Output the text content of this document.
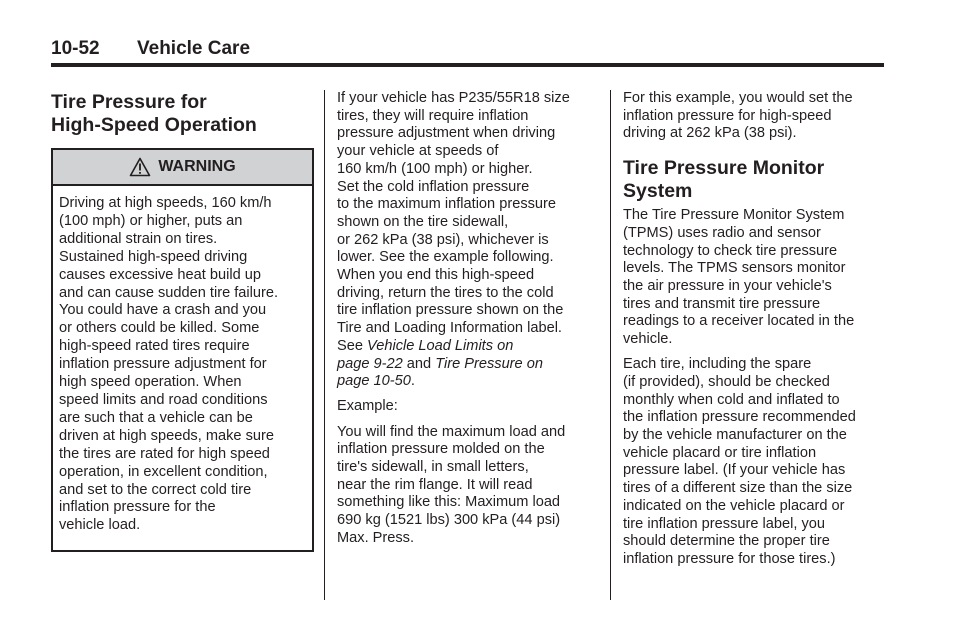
10-52 Vehicle Care
Tire Pressure for
High-Speed Operation
WARNING
Driving at high speeds, 160 km/h
(100 mph) or higher, puts an
additional strain on tires.
Sustained high-speed driving
causes excessive heat build up
and can cause sudden tire failure.
You could have a crash and you
or others could be killed. Some
high-speed rated tires require
inflation pressure adjustment for
high speed operation. When
speed limits and road conditions
are such that a vehicle can be
driven at high speeds, make sure
the tires are rated for high speed
operation, in excellent condition,
and set to the correct cold tire
inflation pressure for the
vehicle load.

If your vehicle has P235/55R18 size
tires, they will require inflation
pressure adjustment when driving
your vehicle at speeds of
160 km/h (100 mph) or higher.
Set the cold inflation pressure
to the maximum inflation pressure
shown on the tire sidewall,
or 262 kPa (38 psi), whichever is
lower. See the example following.
When you end this high-speed
driving, return the tires to the cold
tire inflation pressure shown on the
Tire and Loading Information label.
See Vehicle Load Limits on
page 9-22 and Tire Pressure on
page 10-50.

Example:

You will find the maximum load and
inflation pressure molded on the
tire's sidewall, in small letters,
near the rim flange. It will read
something like this: Maximum load
690 kg (1521 lbs) 300 kPa (44 psi)
Max. Press.

For this example, you would set the
inflation pressure for high-speed
driving at 262 kPa (38 psi).

Tire Pressure Monitor
System

The Tire Pressure Monitor System
(TPMS) uses radio and sensor
technology to check tire pressure
levels. The TPMS sensors monitor
the air pressure in your vehicle's
tires and transmit tire pressure
readings to a receiver located in the
vehicle.

Each tire, including the spare
(if provided), should be checked
monthly when cold and inflated to
the inflation pressure recommended
by the vehicle manufacturer on the
vehicle placard or tire inflation
pressure label. (If your vehicle has
tires of a different size than the size
indicated on the vehicle placard or
tire inflation pressure label, you
should determine the proper tire
inflation pressure for those tires.)
